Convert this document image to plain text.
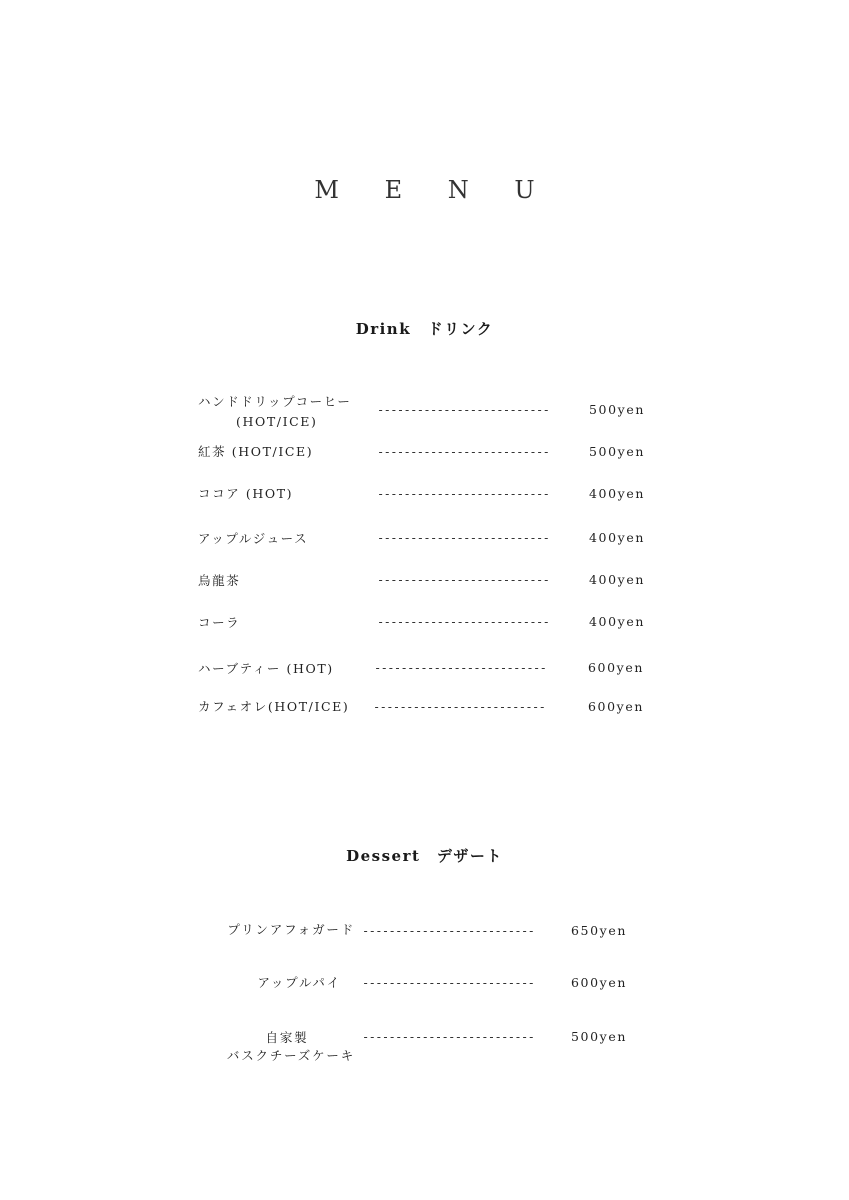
M E N U
Drink　ドリンク
ハンドドリップコーヒー
(HOT/ICE)
--------------------------	500yen
紅茶 (HOT/ICE)	--------------------------	500yen
ココア (HOT)	--------------------------	400yen
アップルジュース	--------------------------	400yen
烏龍茶	--------------------------	400yen
コーラ	--------------------------	400yen
ハーブティー (HOT)	--------------------------	600yen
カフェオレ(HOT/ICE) --------------------------	600yen
Dessert　デザート
プリンアフォガード --------------------------	650yen
アップルパイ --------------------------	600yen
自家製
バスクチーズケーキ
--------------------------	500yen
